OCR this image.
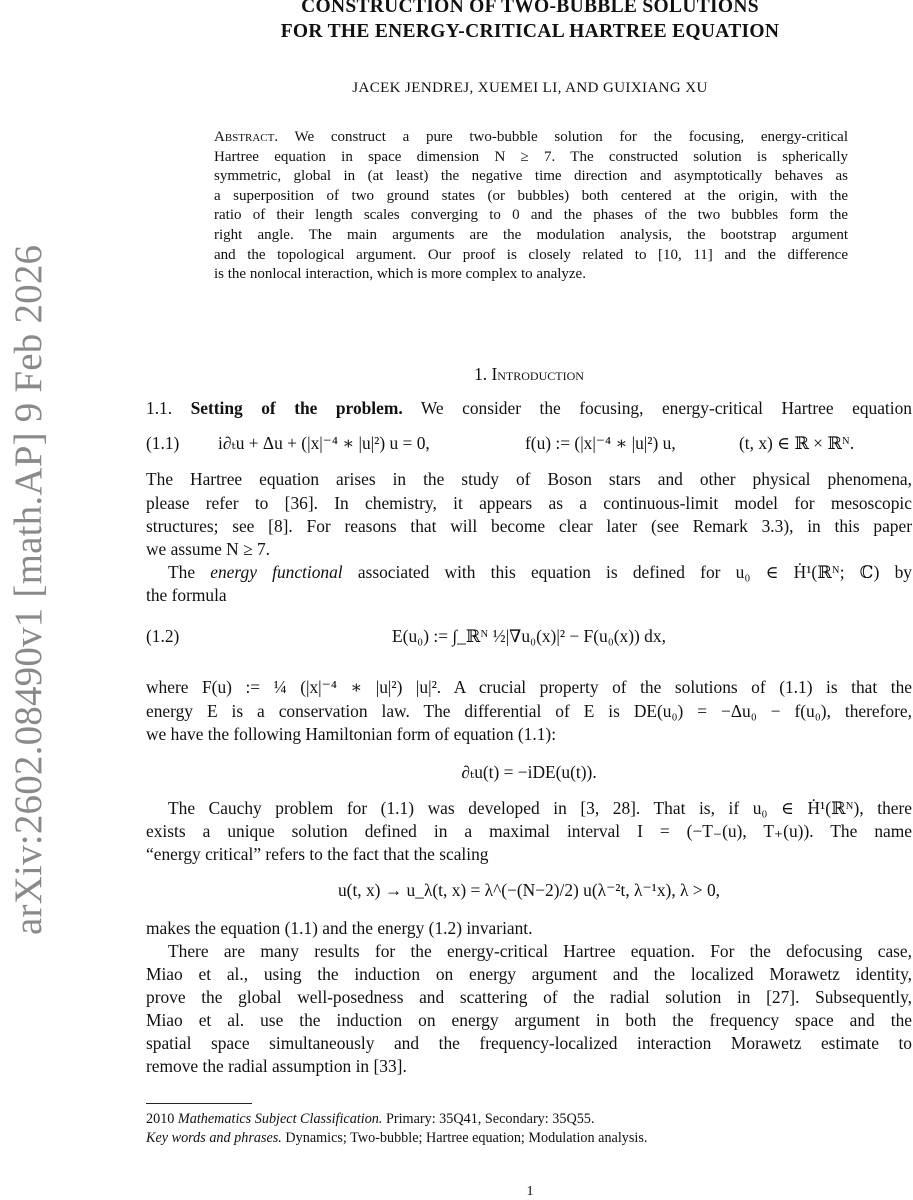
arXiv:2602.08490v1 [math.AP] 9 Feb 2026
CONSTRUCTION OF TWO-BUBBLE SOLUTIONS
FOR THE ENERGY-CRITICAL HARTREE EQUATION
JACEK JENDREJ, XUEMEI LI, AND GUIXIANG XU
Abstract. We construct a pure two-bubble solution for the focusing, energy-critical
Hartree equation in space dimension N ≥ 7. The constructed solution is spherically
symmetric, global in (at least) the negative time direction and asymptotically behaves as
a superposition of two ground states (or bubbles) both centered at the origin, with the
ratio of their length scales converging to 0 and the phases of the two bubbles form the
right angle. The main arguments are the modulation analysis, the bootstrap argument
and the topological argument. Our proof is closely related to [10, 11] and the difference
is the nonlocal interaction, which is more complex to analyze.
1. Introduction
1.1. Setting of the problem. We consider the focusing, energy-critical Hartree equation
(1.1) i∂ₜu + Δu + (|x|⁻⁴ ∗ |u|²) u = 0,	f(u) := (|x|⁻⁴ ∗ |u|²) u,	(t, x) ∈ ℝ × ℝᴺ.
The Hartree equation arises in the study of Boson stars and other physical phenomena,
please refer to [36]. In chemistry, it appears as a continuous-limit model for mesoscopic
structures; see [8]. For reasons that will become clear later (see Remark 3.3), in this paper
we assume N ≥ 7.
The energy functional associated with this equation is defined for u₀ ∈ Ḣ¹(ℝᴺ; ℂ) by
the formula
(1.2)	E(u₀) := ∫_ℝᴺ ½|∇u₀(x)|² − F(u₀(x)) dx,
where F(u) := ¼ (|x|⁻⁴ ∗ |u|²) |u|². A crucial property of the solutions of (1.1) is that the
energy E is a conservation law. The differential of E is DE(u₀) = −Δu₀ − f(u₀), therefore,
we have the following Hamiltonian form of equation (1.1):
∂ₜu(t) = −iDE(u(t)).
The Cauchy problem for (1.1) was developed in [3, 28]. That is, if u₀ ∈ Ḣ¹(ℝᴺ), there
exists a unique solution defined in a maximal interval I = (−T₋(u), T₊(u)). The name
“energy critical” refers to the fact that the scaling
u(t, x) → u_λ(t, x) = λ^(−(N−2)/2) u(λ⁻²t, λ⁻¹x), λ > 0,
makes the equation (1.1) and the energy (1.2) invariant.
There are many results for the energy-critical Hartree equation. For the defocusing case,
Miao et al., using the induction on energy argument and the localized Morawetz identity,
prove the global well-posedness and scattering of the radial solution in [27]. Subsequently,
Miao et al. use the induction on energy argument in both the frequency space and the
spatial space simultaneously and the frequency-localized interaction Morawetz estimate to
remove the radial assumption in [33].
2010 Mathematics Subject Classification. Primary: 35Q41, Secondary: 35Q55.
Key words and phrases. Dynamics; Two-bubble; Hartree equation; Modulation analysis.
1
